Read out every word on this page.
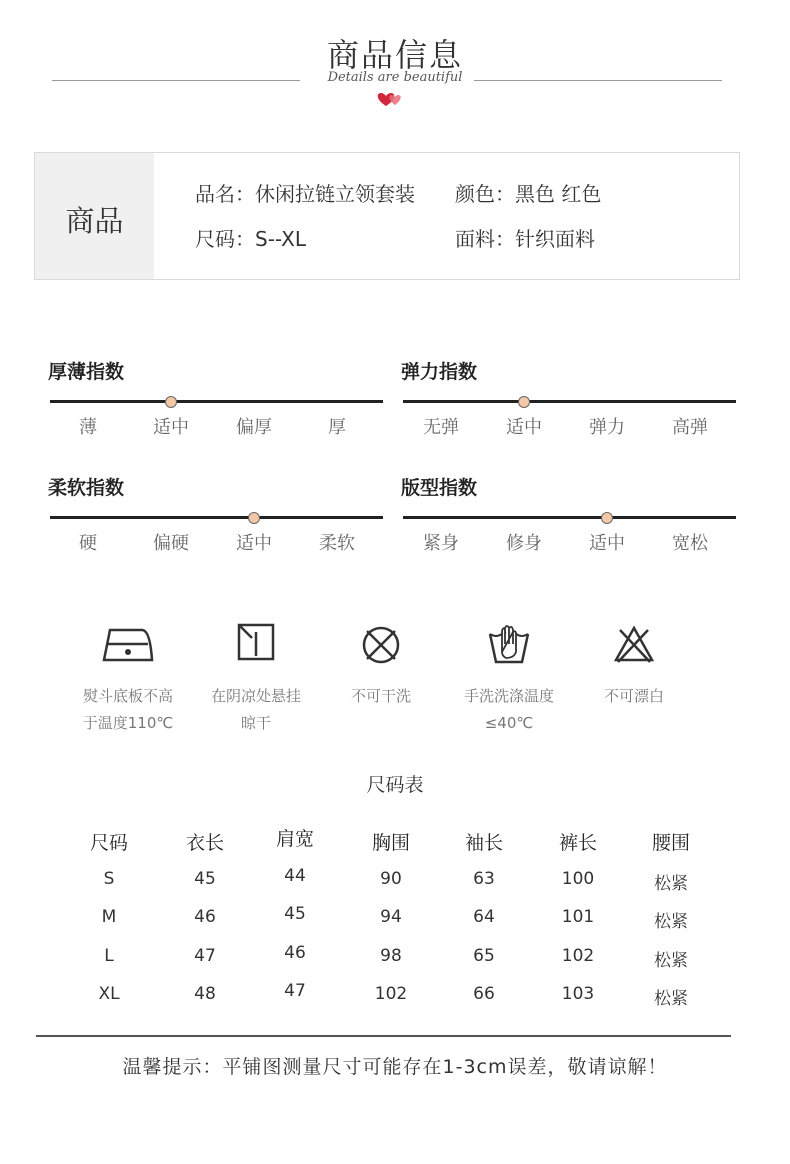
商品信息
Details are beautiful
商品
品名：休闲拉链立领套装 颜色：黑色 红色
尺码：S--XL	面料：针织面料
厚薄指数
薄	适中	偏厚	厚
弹力指数
无弹	适中	弹力	高弹
柔软指数
硬	偏硬	适中	柔软
版型指数
紧身	修身	适中	宽松
熨斗底板不高
于温度110℃
在阴凉处悬挂
晾干
不可干洗	手洗洗涤温度
≤40℃
不可漂白
尺码表
尺码	衣长	肩宽	胸围	袖长	裤长	腰围
S	45	44	90	63	100	松紧
M	46	45	94	64	101	松紧
L	47	46	98	65	102	松紧
XL	48	47	102	66	103	松紧
温馨提示：平铺图测量尺寸可能存在1-3cm误差，敬请谅解！
